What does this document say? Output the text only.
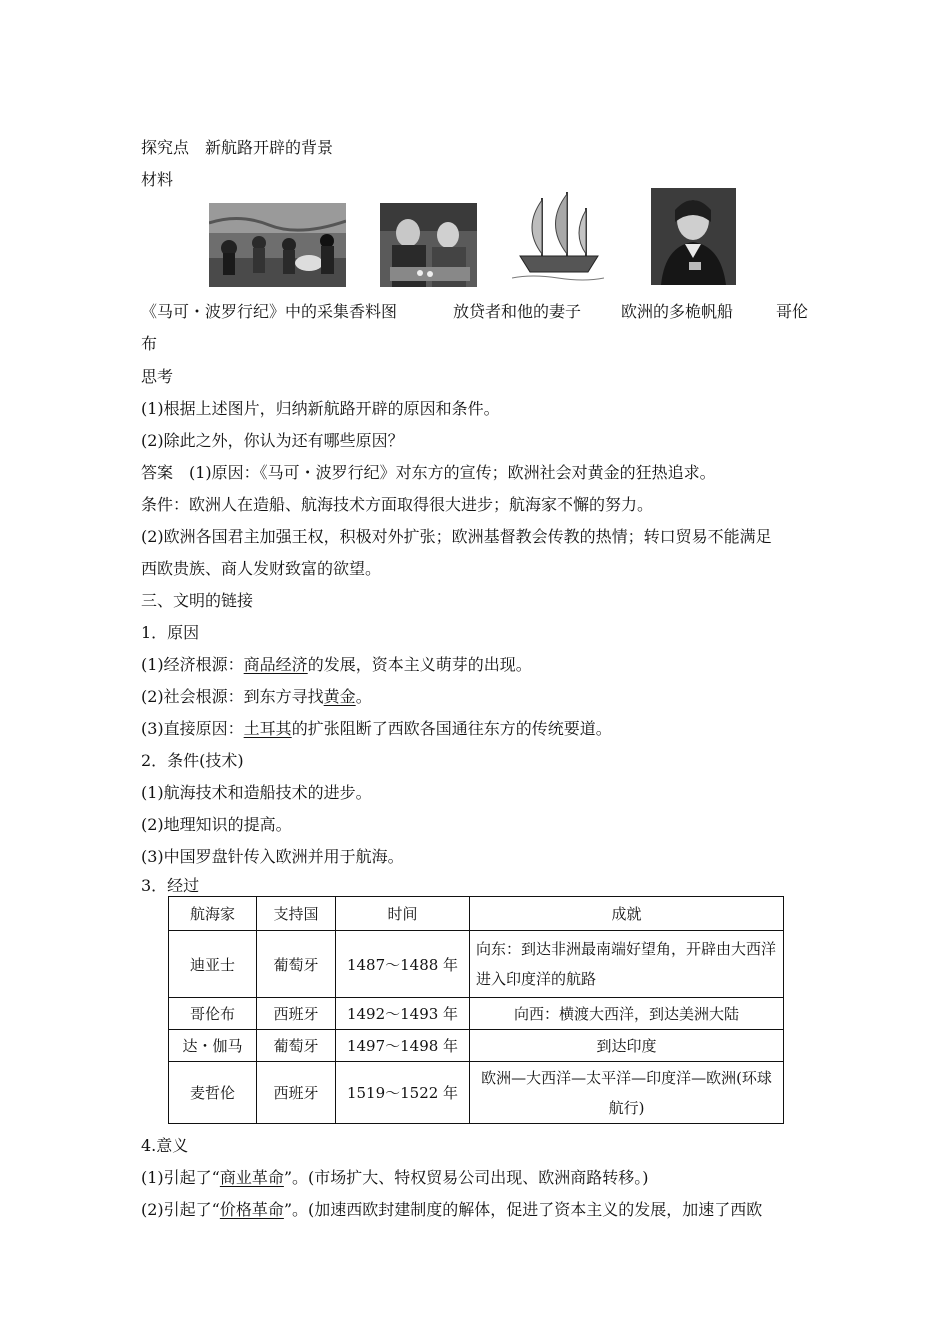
探究点　新航路开辟的背景
材料
《马可・波罗行纪》中的采集香料图	放贷者和他的妻子 欧洲的多桅帆船	哥伦
布
思考
(1)根据上述图片，归纳新航路开辟的原因和条件。
(2)除此之外，你认为还有哪些原因？
答案　(1)原因：《马可・波罗行纪》对东方的宣传；欧洲社会对黄金的狂热追求。
条件：欧洲人在造船、航海技术方面取得很大进步；航海家不懈的努力。
(2)欧洲各国君主加强王权，积极对外扩张；欧洲基督教会传教的热情；转口贸易不能满足
西欧贵族、商人发财致富的欲望。
三、文明的链接
1．原因
(1)经济根源：商品经济的发展，资本主义萌芽的出现。
(2)社会根源：到东方寻找黄金。
(3)直接原因：土耳其的扩张阻断了西欧各国通往东方的传统要道。
2．条件(技术)
(1)航海技术和造船技术的进步。
(2)地理知识的提高。
(3)中国罗盘针传入欧洲并用于航海。
3．经过
航海家	支持国	时间	成就
迪亚士	葡萄牙	1487～1488 年	向东：到达非洲最南端好望角，开辟由大西洋进入印度洋的航路
哥伦布	西班牙	1492～1493 年	向西：横渡大西洋，到达美洲大陆
达・伽马	葡萄牙	1497～1498 年	到达印度
麦哲伦	西班牙	1519～1522 年	欧洲—大西洋—太平洋—印度洋—欧洲(环球航行)
4.意义
(1)引起了“商业革命”。(市场扩大、特权贸易公司出现、欧洲商路转移。)
(2)引起了“价格革命”。(加速西欧封建制度的解体，促进了资本主义的发展，加速了西欧
